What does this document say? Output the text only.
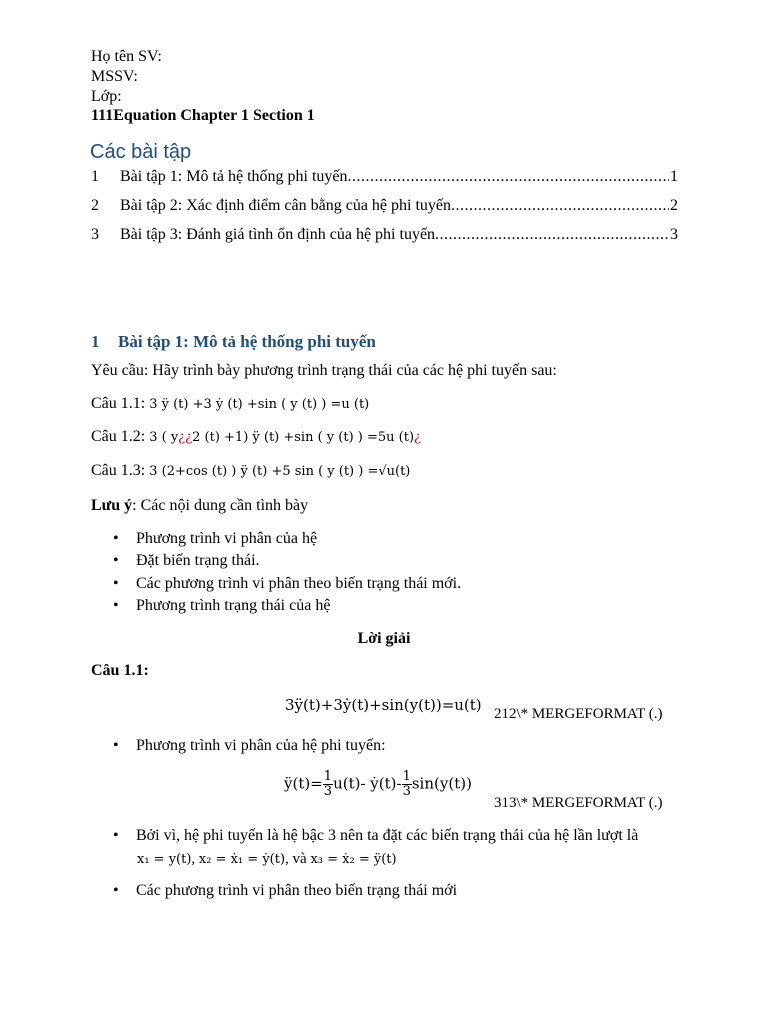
Họ tên SV:
MSSV:
Lớp:
111Equation Chapter 1 Section 1
Các bài tập
1	Bài tập 1: Mô tả hệ thống phi tuyến .....	1
2	Bài tập 2: Xác định điểm cân bằng của hệ phi tuyến .....	2
3	Bài tập 3: Đánh giá tình ổn định của hệ phi tuyến .....	3
1 Bài tập 1: Mô tả hệ thống phi tuyến
Yêu cầu: Hãy trình bày phương trình trạng thái của các hệ phi tuyến sau:
Câu 1.1: 3 ÿ (t) +3 ẏ (t) +sin ( y (t) ) =u (t)
Câu 1.2: 3 ( y¿¿2 (t) +1) ÿ (t) +sin ( y (t) ) =5u (t)¿
Câu 1.3: 3 (2+cos (t) ) ÿ (t) +5 sin ( y (t) ) =√u(t)
Lưu ý: Các nội dung cần tình bày
• Phương trình vi phân của hệ
• Đặt biến trạng thái.
• Các phương trình vi phân theo biến trạng thái mới.
• Phương trình trạng thái của hệ
Lời giải
Câu 1.1:
3ÿ(t)+3ẏ(t)+sin(y(t))=u(t) 212\* MERGEFORMAT (.)
• Phương trình vi phân của hệ phi tuyến:
ÿ(t)= $\frac{1}{3} u(t)-$ ẏ(t)- $\frac{1}{3} \sin(y(t))$
313\* MERGEFORMAT (.)
• Bởi vì, hệ phi tuyến là hệ bậc 3 nên ta đặt các biến trạng thái của hệ lần lượt là
x₁ = y(t), x₂ = ẋ₁ = ẏ(t), và x₃ = ẋ₂ = ÿ(t)
• Các phương trình vi phân theo biến trạng thái mới
